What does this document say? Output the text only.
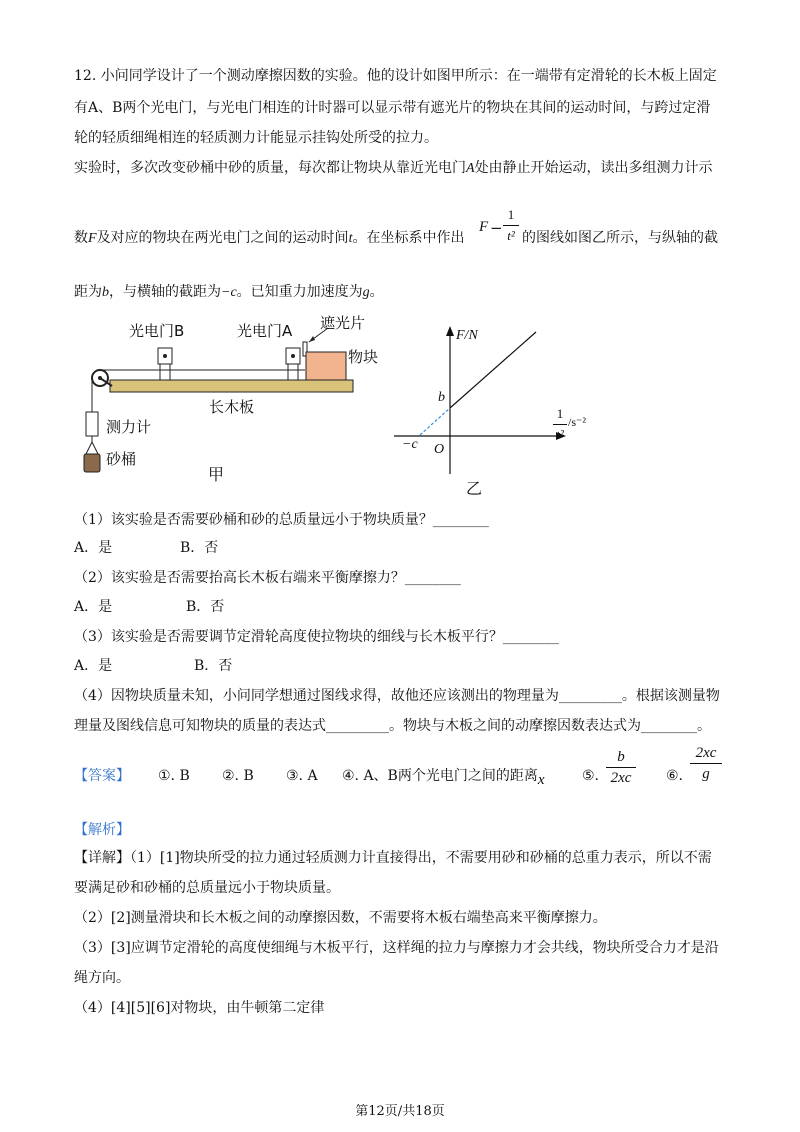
12. 小问同学设计了一个测动摩擦因数的实验。他的设计如图甲所示：在一端带有定滑轮的长木板上固定
有A、B两个光电门，与光电门相连的计时器可以显示带有遮光片的物块在其间的运动时间，与跨过定滑
轮的轻质细绳相连的轻质测力计能显示挂钩处所受的拉力。
实验时，多次改变砂桶中砂的质量，每次都让物块从靠近光电门A处由静止开始运动，读出多组测力计示
数F及对应的物块在两光电门之间的运动时间t。在坐标系中作出
F −
1
t² 的图线如图乙所示，与纵轴的截
距为b，与横轴的截距为−c。已知重力加速度为g。
光电门B	光电门A 遮光片
物块
长木板
测力计
砂桶
甲
F/N
b
−c O
1
t²
/s⁻²
乙
（1）该实验是否需要砂桶和砂的总质量远小于物块质量？________
A．是	B．否
（2）该实验是否需要抬高长木板右端来平衡摩擦力？________
A．是	B．否
（3）该实验是否需要调节定滑轮高度使拉物块的细线与长木板平行？________
A．是	B．否
（4）因物块质量未知，小问同学想通过图线求得，故他还应该测出的物理量为_________。根据该测量物
理量及图线信息可知物块的质量的表达式_________。物块与木板之间的动摩擦因数表达式为________。
【答案】 ①. B ②. B ③. A ④. A、B两个光电门之间的距离x	⑤.
b
2xc	⑥.
2xc
g
【解析】
【详解】（1）[1]物块所受的拉力通过轻质测力计直接得出，不需要用砂和砂桶的总重力表示，所以不需
要满足砂和砂桶的总质量远小于物块质量。
（2）[2]测量滑块和长木板之间的动摩擦因数，不需要将木板右端垫高来平衡摩擦力。
（3）[3]应调节定滑轮的高度使细绳与木板平行，这样绳的拉力与摩擦力才会共线，物块所受合力才是沿
绳方向。
（4）[4][5][6]对物块，由牛顿第二定律
第12页/共18页
